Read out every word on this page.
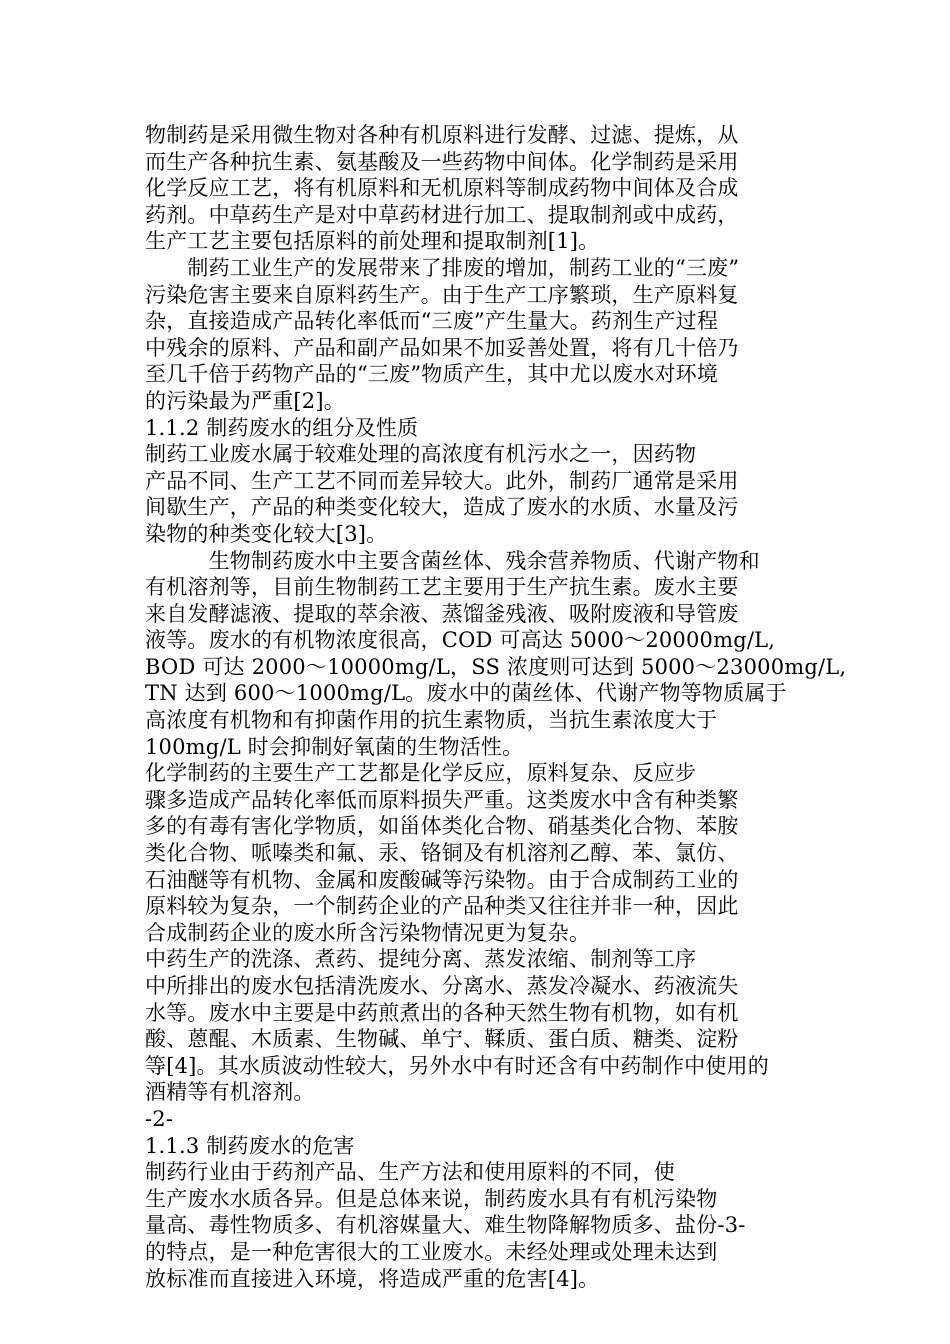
物制药是采用微生物对各种有机原料进行发酵、过滤、提炼，从
而生产各种抗生素、氨基酸及一些药物中间体。化学制药是采用
化学反应工艺，将有机原料和无机原料等制成药物中间体及合成
药剂。中草药生产是对中草药材进行加工、提取制剂或中成药，
生产工艺主要包括原料的前处理和提取制剂[1]。
　　制药工业生产的发展带来了排废的增加，制药工业的“三废”
污染危害主要来自原料药生产。由于生产工序繁琐，生产原料复
杂，直接造成产品转化率低而“三废”产生量大。药剂生产过程
中残余的原料、产品和副产品如果不加妥善处置，将有几十倍乃
至几千倍于药物产品的“三废”物质产生，其中尤以废水对环境
的污染最为严重[2]。
1.1.2 制药废水的组分及性质
制药工业废水属于较难处理的高浓度有机污水之一，因药物
产品不同、生产工艺不同而差异较大。此外，制药厂通常是采用
间歇生产，产品的种类变化较大，造成了废水的水质、水量及污
染物的种类变化较大[3]。
　　　生物制药废水中主要含菌丝体、残余营养物质、代谢产物和
有机溶剂等，目前生物制药工艺主要用于生产抗生素。废水主要
来自发酵滤液、提取的萃余液、蒸馏釜残液、吸附废液和导管废
液等。废水的有机物浓度很高，COD 可高达 5000～20000mg/L,
BOD 可达 2000～10000mg/L，SS 浓度则可达到 5000～23000mg/L,
TN 达到 600～1000mg/L。废水中的菌丝体、代谢产物等物质属于
高浓度有机物和有抑菌作用的抗生素物质，当抗生素浓度大于
100mg/L 时会抑制好氧菌的生物活性。
化学制药的主要生产工艺都是化学反应，原料复杂、反应步
骤多造成产品转化率低而原料损失严重。这类废水中含有种类繁
多的有毒有害化学物质，如甾体类化合物、硝基类化合物、苯胺
类化合物、哌嗪类和氟、汞、铬铜及有机溶剂乙醇、苯、氯仿、
石油醚等有机物、金属和废酸碱等污染物。由于合成制药工业的
原料较为复杂，一个制药企业的产品种类又往往并非一种，因此
合成制药企业的废水所含污染物情况更为复杂。
中药生产的洗涤、煮药、提纯分离、蒸发浓缩、制剂等工序
中所排出的废水包括清洗废水、分离水、蒸发冷凝水、药液流失
水等。废水中主要是中药煎煮出的各种天然生物有机物，如有机
酸、蒽醌、木质素、生物碱、单宁、鞣质、蛋白质、糖类、淀粉
等[4]。其水质波动性较大，另外水中有时还含有中药制作中使用的
酒精等有机溶剂。
-2-
1.1.3 制药废水的危害
制药行业由于药剂产品、生产方法和使用原料的不同，使
生产废水水质各异。但是总体来说，制药废水具有有机污染物
量高、毒性物质多、有机溶媒量大、难生物降解物质多、盐份-3-
的特点，是一种危害很大的工业废水。未经处理或处理未达到
放标准而直接进入环境，将造成严重的危害[4]。
